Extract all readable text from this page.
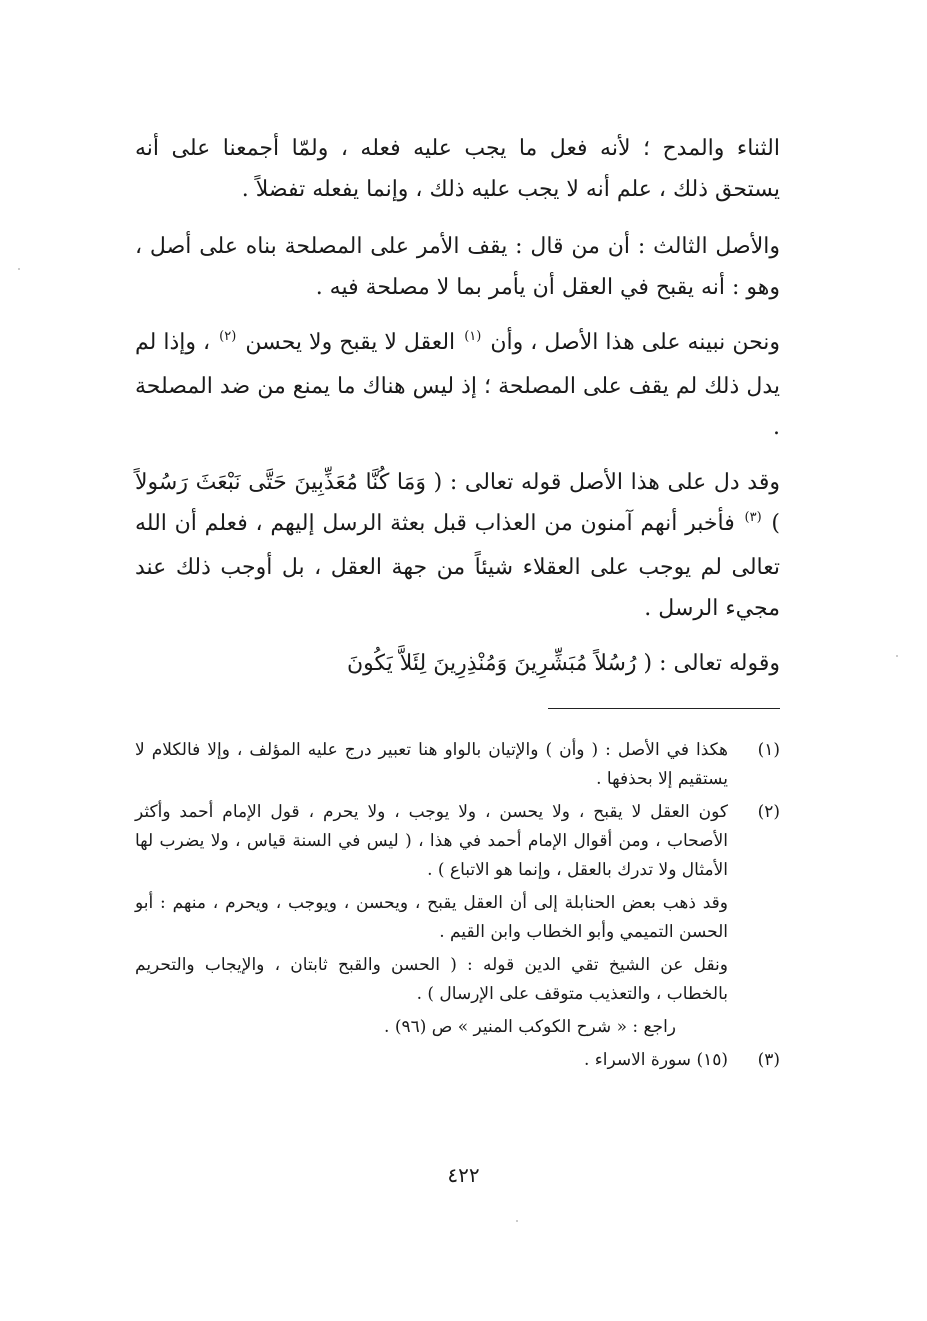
الثناء والمدح ؛ لأنه فعل ما يجب عليه فعله ، ولمّا أجمعنا على أنه يستحق ذلك ، علم أنه لا يجب عليه ذلك ، وإنما يفعله تفضلاً .

والأصل الثالث : أن من قال : يقف الأمر على المصلحة بناه على أصل ، وهو : أنه يقبح في العقل أن يأمر بما لا مصلحة فيه .

ونحن نبينه على هذا الأصل ، وأن $^{(١)}$ العقل لا يقبح ولا يحسن $^{(٢)}$ ، وإذا لم يدل ذلك لم يقف على المصلحة ؛ إذ ليس هناك ما يمنع من ضد المصلحة .

وقد دل على هذا الأصل قوله تعالى : ( وَمَا كُنَّا مُعَذِّبِينَ حَتَّى نَبْعَثَ رَسُولاً ) $^{(٣)}$ فأخبر أنهم آمنون من العذاب قبل بعثة الرسل إليهم ، فعلم أن الله تعالى لم يوجب على العقلاء شيئاً من جهة العقل ، بل أوجب ذلك عند مجيء الرسل .

وقوله تعالى : ( رُسُلاً مُبَشِّرِينَ وَمُنْذِرِينَ لِئَلاَّ يَكُونَ

(١)

هكذا في الأصل : ( وأن ) والإتيان بالواو هنا تعبير درج عليه المؤلف ، وإلا فالكلام لا يستقيم إلا بحذفها .

(٢)

كون العقل لا يقبح ، ولا يحسن ، ولا يوجب ، ولا يحرم ، قول الإمام أحمد وأكثر الأصحاب ، ومن أقوال الإمام أحمد في هذا ، ( ليس في السنة قياس ، ولا يضرب لها الأمثال ولا تدرك بالعقل ، وإنما هو الاتباع ) .

وقد ذهب بعض الحنابلة إلى أن العقل يقبح ، ويحسن ، ويوجب ، ويحرم ، منهم : أبو الحسن التميمي وأبو الخطاب وابن القيم .

ونقل عن الشيخ تقي الدين قوله : ( الحسن والقبح ثابتان ، والإيجاب والتحريم بالخطاب ، والتعذيب متوقف على الإرسال ) .

راجع : « شرح الكوكب المنير » ص (٩٦) .

(٣)

(١٥) سورة الاسراء .

٤٢٢
